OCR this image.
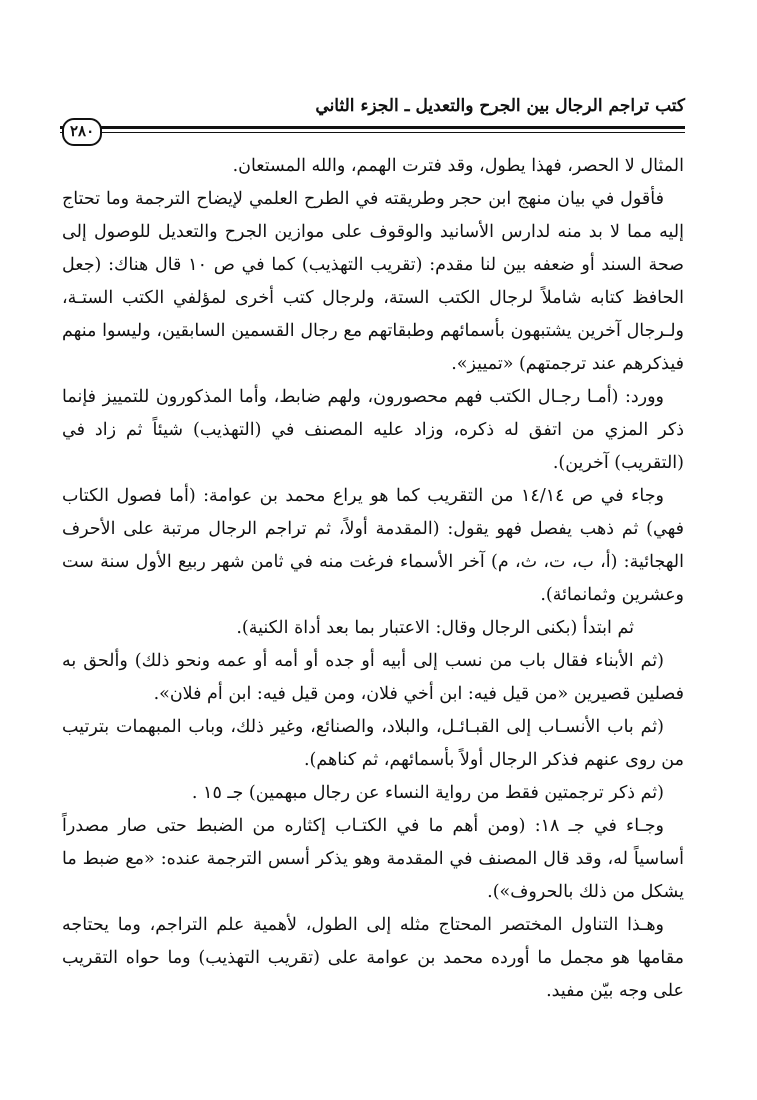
كتب تراجم الرجال بين الجرح والتعديل ـ الجزء الثاني
٢٨٠

المثال لا الحصر، فهذا يطول، وقد فترت الهمم، والله المستعان.

فأقول في بيان منهج ابن حجر وطريقته في الطرح العلمي لإيضاح الترجمة وما تحتاج إليه مما لا بد منه لدارس الأسانيد والوقوف على موازين الجرح والتعديل للوصول إلى صحة السند أو ضعفه بين لنا مقدم: (تقريب التهذيب) كما في ص ١٠ قال هناك: (جعل الحافظ كتابه شاملاً لرجال الكتب الستة، ولرجال كتب أخرى لمؤلفي الكتب الستـة، ولـرجال آخرين يشتبهون بأسمائهم وطبقاتهم مع رجال القسمين السابقين، وليسوا منهم فيذكرهم عند ترجمتهم) «تمييز».

وورد: (أمـا رجـال الكتب فهم محصورون، ولهم ضابط، وأما المذكورون للتمييز فإنما ذكر المزي من اتفق له ذكره، وزاد عليه المصنف في (التهذيب) شيئاً ثم زاد في (التقريب) آخرين).

وجاء في ص ١٤/١٤ من التقريب كما هو يراع محمد بن عوامة: (أما فصول الكتاب فهي) ثم ذهب يفصل فهو يقول: (المقدمة أولاً، ثم تراجم الرجال مرتبة على الأحرف الهجائية: (أ، ب، ت، ث، م) آخر الأسماء فرغت منه في ثامن شهر ربيع الأول سنة ست وعشرين وثمانمائة).

ثم ابتدأ (بكنى الرجال وقال: الاعتبار بما بعد أداة الكنية).

(ثم الأبناء فقال باب من نسب إلى أبيه أو جده أو أمه أو عمه ونحو ذلك) وألحق به فصلين قصيرين «من قيل فيه: ابن أخي فلان، ومن قيل فيه: ابن أم فلان».

(ثم باب الأنسـاب إلى القبـائـل، والبلاد، والصنائع، وغير ذلك، وباب المبهمات بترتيب من روى عنهم فذكر الرجال أولاً بأسمائهم، ثم كناهم).

(ثم ذكر ترجمتين فقط من رواية النساء عن رجال مبهمين) جـ ١٥ .

وجـاء في جـ ١٨: (ومن أهم ما في الكتـاب إكثاره من الضبط حتى صار مصدراً أساسياً له، وقد قال المصنف في المقدمة وهو يذكر أسس الترجمة عنده: «مع ضبط ما يشكل من ذلك بالحروف»).

وهـذا التناول المختصر المحتاج مثله إلى الطول، لأهمية علم التراجم، وما يحتاجه مقامها هو مجمل ما أورده محمد بن عوامة على (تقريب التهذيب) وما حواه التقريب على وجه بيّن مفيد.
